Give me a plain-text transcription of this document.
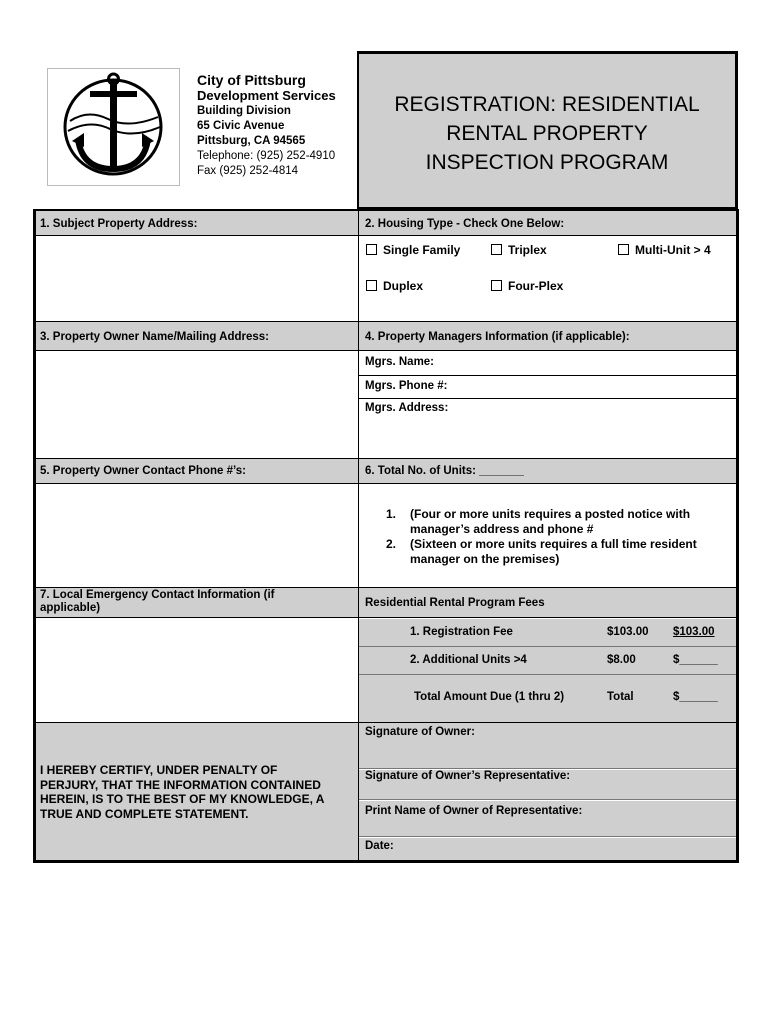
City of Pittsburg
Development Services
Building Division
65 Civic Avenue
Pittsburg, CA 94565
Telephone: (925) 252-4910
Fax (925) 252-4814
REGISTRATION: RESIDENTIAL
RENTAL PROPERTY
INSPECTION PROGRAM
1. Subject Property Address:	2. Housing Type - Check One Below:
Single Family	Triplex	Multi-Unit > 4
Duplex	Four-Plex
3. Property Owner Name/Mailing Address:	4. Property Managers Information (if applicable):
Mgrs. Name:
Mgrs. Phone #:
Mgrs. Address:
5. Property Owner Contact Phone #’s:	6. Total No. of Units: _______
1. (Four or more units requires a posted notice with
manager’s address and phone #
2. (Sixteen or more units requires a full time resident
manager on the premises)
7. Local Emergency Contact Information (if
applicable)	Residential Rental Program Fees
1. Registration Fee	$103.00 $103.00
2. Additional Units >4	$8.00	$______
Total Amount Due (1 thru 2)	Total	$______
I HEREBY CERTIFY, UNDER PENALTY OF
PERJURY, THAT THE INFORMATION CONTAINED
HEREIN, IS TO THE BEST OF MY KNOWLEDGE, A
TRUE AND COMPLETE STATEMENT.
Signature of Owner:
Signature of Owner’s Representative:
Print Name of Owner of Representative:
Date:
